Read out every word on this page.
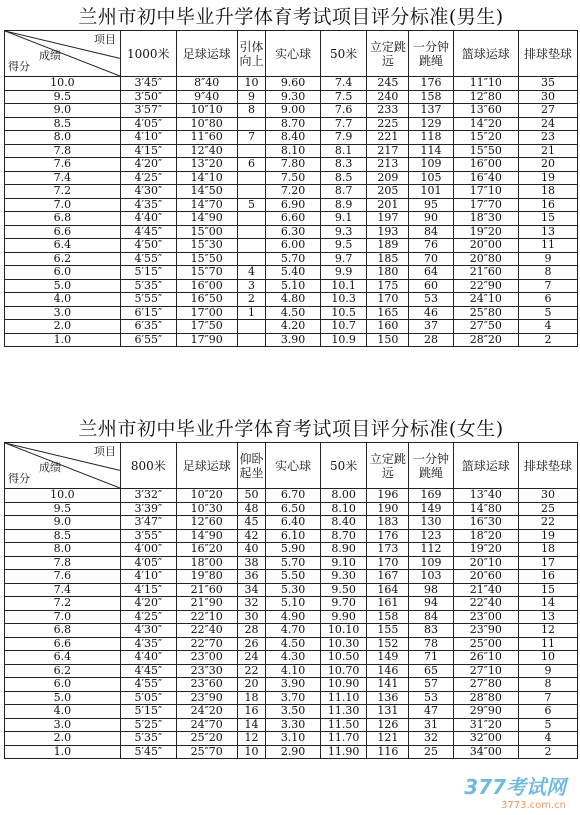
兰州市初中毕业升学体育考试项目评分标准(男生)
项目
成绩
得分	1000米	足球运球	引体向上	实心球	50米	立定跳远	一分钟跳绳	篮球运球	排球垫球
10.0	3′45″	8″40	10	9.60	7.4	245	176	11″10	35
9.5	3′50″	9″40	9	9.30	7.5	240	158	12″80	30
9.0	3′57″	10″10	8	9.00	7.6	233	137	13″60	27
8.5	4′05″	10″80		8.70	7.7	225	129	14″20	24
8.0	4′10″	11″60	7	8.40	7.9	221	118	15″20	23
7.8	4′15″	12″40		8.10	8.1	217	114	15″50	21
7.6	4′20″	13″20	6	7.80	8.3	213	109	16″00	20
7.4	4′25″	14″10		7.50	8.5	209	105	16″40	19
7.2	4′30″	14″50		7.20	8.7	205	101	17″10	18
7.0	4′35″	14″70	5	6.90	8.9	201	95	17″70	16
6.8	4′40″	14″90		6.60	9.1	197	90	18″30	15
6.6	4′45″	15″00		6.30	9.3	193	84	19″20	13
6.4	4′50″	15″30		6.00	9.5	189	76	20″00	11
6.2	4′55″	15″50		5.70	9.7	185	70	20″80	9
6.0	5′15″	15″70	4	5.40	9.9	180	64	21″60	8
5.0	5′35″	16″00	3	5.10	10.1	175	60	22″90	7
4.0	5′55″	16″50	2	4.80	10.3	170	53	24″10	6
3.0	6′15″	17″00	1	4.50	10.5	165	46	25″80	5
2.0	6′35″	17″50		4.20	10.7	160	37	27″50	4
1.0	6′55″	17″90		3.90	10.9	150	28	28″20	2
兰州市初中毕业升学体育考试项目评分标准(女生)
项目
成绩
得分	800米	足球运球	仰卧起坐	实心球	50米	立定跳远	一分钟跳绳	篮球运球	排球垫球
10.0	3′32″	10″20	50	6.70	8.00	196	169	13″40	30
9.5	3′39″	10″30	48	6.50	8.10	190	149	14″80	25
9.0	3′47″	12″60	45	6.40	8.40	183	130	16″30	22
8.5	3′55″	14″90	42	6.10	8.70	176	123	18″20	19
8.0	4′00″	16″20	40	5.90	8.90	173	112	19″20	18
7.8	4′05″	18″00	38	5.70	9.10	170	109	20″10	17
7.6	4′10″	19″80	36	5.50	9.30	167	103	20″60	16
7.4	4′15″	21″60	34	5.30	9.50	164	98	21″40	15
7.2	4′20″	21″90	32	5.10	9.70	161	94	22″40	14
7.0	4′25″	22″10	30	4.90	9.90	158	84	23″00	13
6.8	4′30″	22″40	28	4.70	10.10	155	83	23″90	12
6.6	4′35″	22″70	26	4.50	10.30	152	78	25″00	11
6.4	4′40″	23″00	24	4.30	10.50	149	71	26″10	10
6.2	4′45″	23″30	22	4.10	10.70	146	65	27″10	9
6.0	4′55″	23″60	20	3.90	10.90	141	57	27″80	8
5.0	5′05″	23″90	18	3.70	11.10	136	53	28″80	7
4.0	5′15″	24″20	16	3.50	11.30	131	47	29″90	6
3.0	5′25″	24″70	14	3.30	11.50	126	31	31″20	5
2.0	5′35″	25″20	12	3.10	11.70	121	32	32″00	4
1.0	5′45″	25″70	10	2.90	11.90	116	25	34″00	2
377考试网
3773.com.cn
